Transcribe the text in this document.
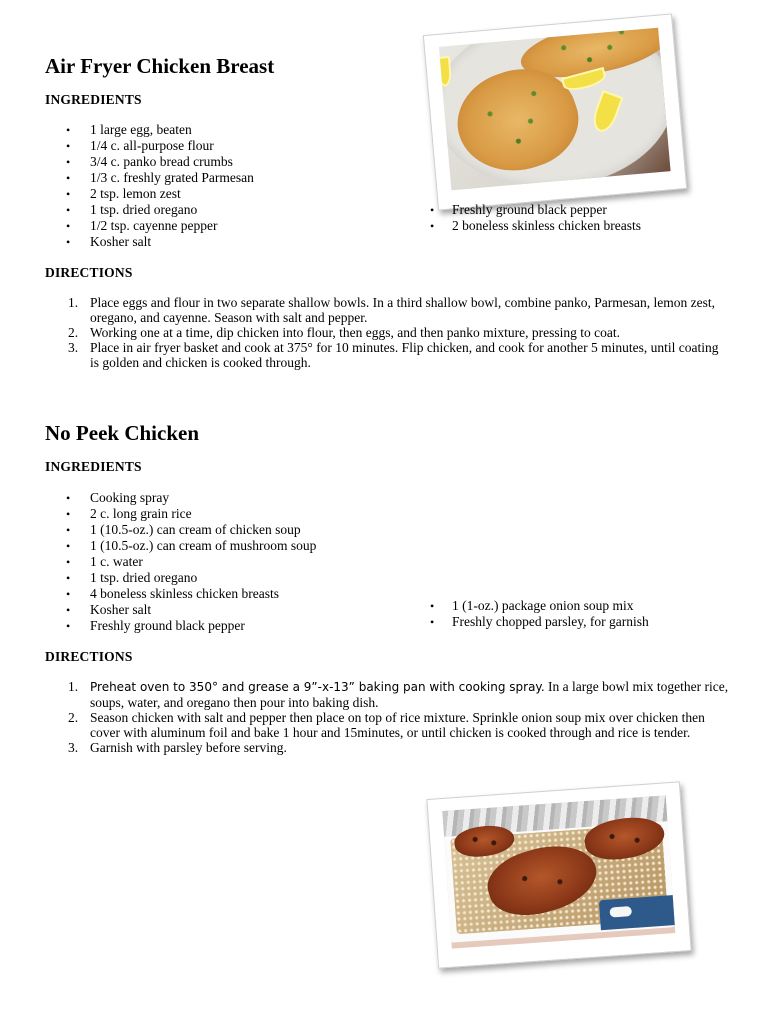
Air Fryer Chicken Breast
INGREDIENTS
• 1 large egg, beaten
• 1/4 c. all-purpose flour
• 3/4 c. panko bread crumbs
• 1/3 c. freshly grated Parmesan
• 2 tsp. lemon zest
• 1 tsp. dried oregano
• 1/2 tsp. cayenne pepper
• Kosher salt
• Freshly ground black pepper
• 2 boneless skinless chicken breasts
DIRECTIONS
1. Place eggs and flour in two separate shallow bowls. In a third shallow bowl, combine panko, Parmesan, lemon zest, oregano, and cayenne. Season with salt and pepper.
2. Working one at a time, dip chicken into flour, then eggs, and then panko mixture, pressing to coat.
3. Place in air fryer basket and cook at 375° for 10 minutes. Flip chicken, and cook for another 5 minutes, until coating is golden and chicken is cooked through.
No Peek Chicken
INGREDIENTS
• Cooking spray
• 2 c. long grain rice
• 1 (10.5-oz.) can cream of chicken soup
• 1 (10.5-oz.) can cream of mushroom soup
• 1 c. water
• 1 tsp. dried oregano
• 4 boneless skinless chicken breasts
• Kosher salt
• Freshly ground black pepper
• 1 (1-oz.) package onion soup mix
• Freshly chopped parsley, for garnish
DIRECTIONS
1. Preheat oven to 350° and grease a 9”-x-13” baking pan with cooking spray. In a large bowl mix together rice, soups, water, and oregano then pour into baking dish.
2. Season chicken with salt and pepper then place on top of rice mixture. Sprinkle onion soup mix over chicken then cover with aluminum foil and bake 1 hour and 15minutes, or until chicken is cooked through and rice is tender.
3. Garnish with parsley before serving.
